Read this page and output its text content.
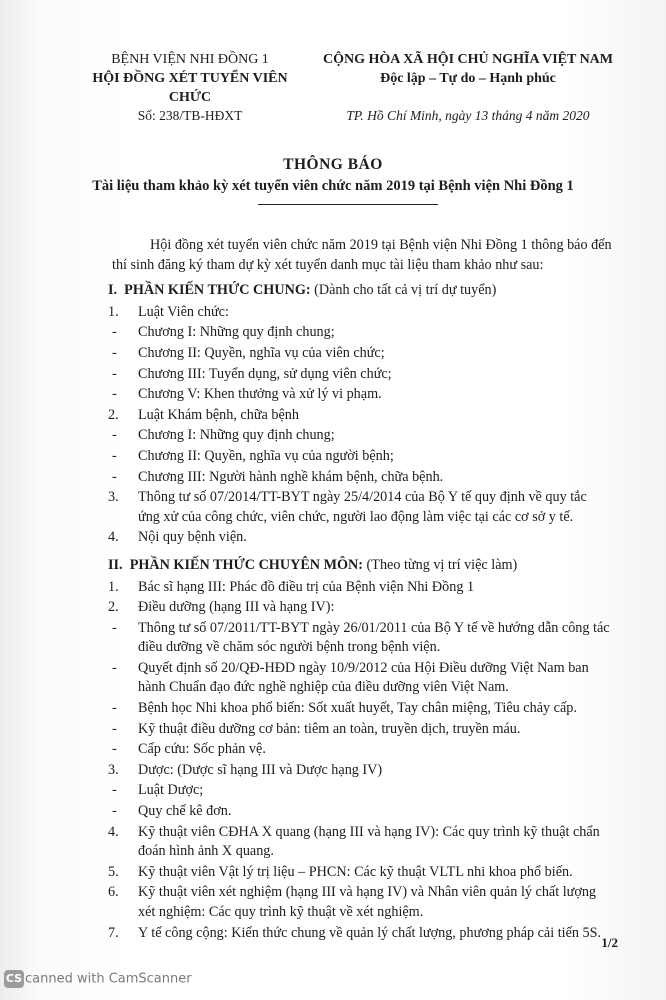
BỆNH VIỆN NHI ĐỒNG 1
HỘI ĐỒNG XÉT TUYỂN VIÊN CHỨC
CỘNG HÒA XÃ HỘI CHỦ NGHĨA VIỆT NAM
Độc lập – Tự do – Hạnh phúc
Số: 238/TB-HĐXT	TP. Hồ Chí Minh, ngày 13 tháng 4 năm 2020
THÔNG BÁO
Tài liệu tham khảo kỳ xét tuyển viên chức năm 2019 tại Bệnh viện Nhi Đồng 1

Hội đồng xét tuyển viên chức năm 2019 tại Bệnh viện Nhi Đồng 1 thông báo đến thí sinh đăng ký tham dự kỳ xét tuyển danh mục tài liệu tham khảo như sau:

I. PHẦN KIẾN THỨC CHUNG: (Dành cho tất cả vị trí dự tuyển)
1.	Luật Viên chức:
-	Chương I: Những quy định chung;
-	Chương II: Quyền, nghĩa vụ của viên chức;
-	Chương III: Tuyển dụng, sử dụng viên chức;
-	Chương V: Khen thưởng và xử lý vi phạm.
2.	Luật Khám bệnh, chữa bệnh
-	Chương I: Những quy định chung;
-	Chương II: Quyền, nghĩa vụ của người bệnh;
-	Chương III: Người hành nghề khám bệnh, chữa bệnh.
3.	Thông tư số 07/2014/TT-BYT ngày 25/4/2014 của Bộ Y tế quy định về quy tắc ứng xử của công chức, viên chức, người lao động làm việc tại các cơ sở y tế.
4.	Nội quy bệnh viện.
II. PHẦN KIẾN THỨC CHUYÊN MÔN: (Theo từng vị trí việc làm)
1.	Bác sĩ hạng III: Phác đồ điều trị của Bệnh viện Nhi Đồng 1
2.	Điều dưỡng (hạng III và hạng IV):
-	Thông tư số 07/2011/TT-BYT ngày 26/01/2011 của Bộ Y tế về hướng dẫn công tác điều dưỡng về chăm sóc người bệnh trong bệnh viện.
-	Quyết định số 20/QĐ-HĐD ngày 10/9/2012 của Hội Điều dưỡng Việt Nam ban hành Chuẩn đạo đức nghề nghiệp của điều dưỡng viên Việt Nam.
-	Bệnh học Nhi khoa phổ biến: Sốt xuất huyết, Tay chân miệng, Tiêu chảy cấp.
-	Kỹ thuật điều dưỡng cơ bản: tiêm an toàn, truyền dịch, truyền máu.
-	Cấp cứu: Sốc phản vệ.
3.	Dược: (Dược sĩ hạng III và Dược hạng IV)
-	Luật Dược;
-	Quy chế kê đơn.
4.	Kỹ thuật viên CĐHA X quang (hạng III và hạng IV): Các quy trình kỹ thuật chẩn đoán hình ảnh X quang.
5.	Kỹ thuật viên Vật lý trị liệu – PHCN: Các kỹ thuật VLTL nhi khoa phổ biến.
6.	Kỹ thuật viên xét nghiệm (hạng III và hạng IV) và Nhân viên quản lý chất lượng xét nghiệm: Các quy trình kỹ thuật về xét nghiệm.
7.	Y tế công cộng: Kiến thức chung về quản lý chất lượng, phương pháp cải tiến 5S.
1/2
CS canned with CamScanner
